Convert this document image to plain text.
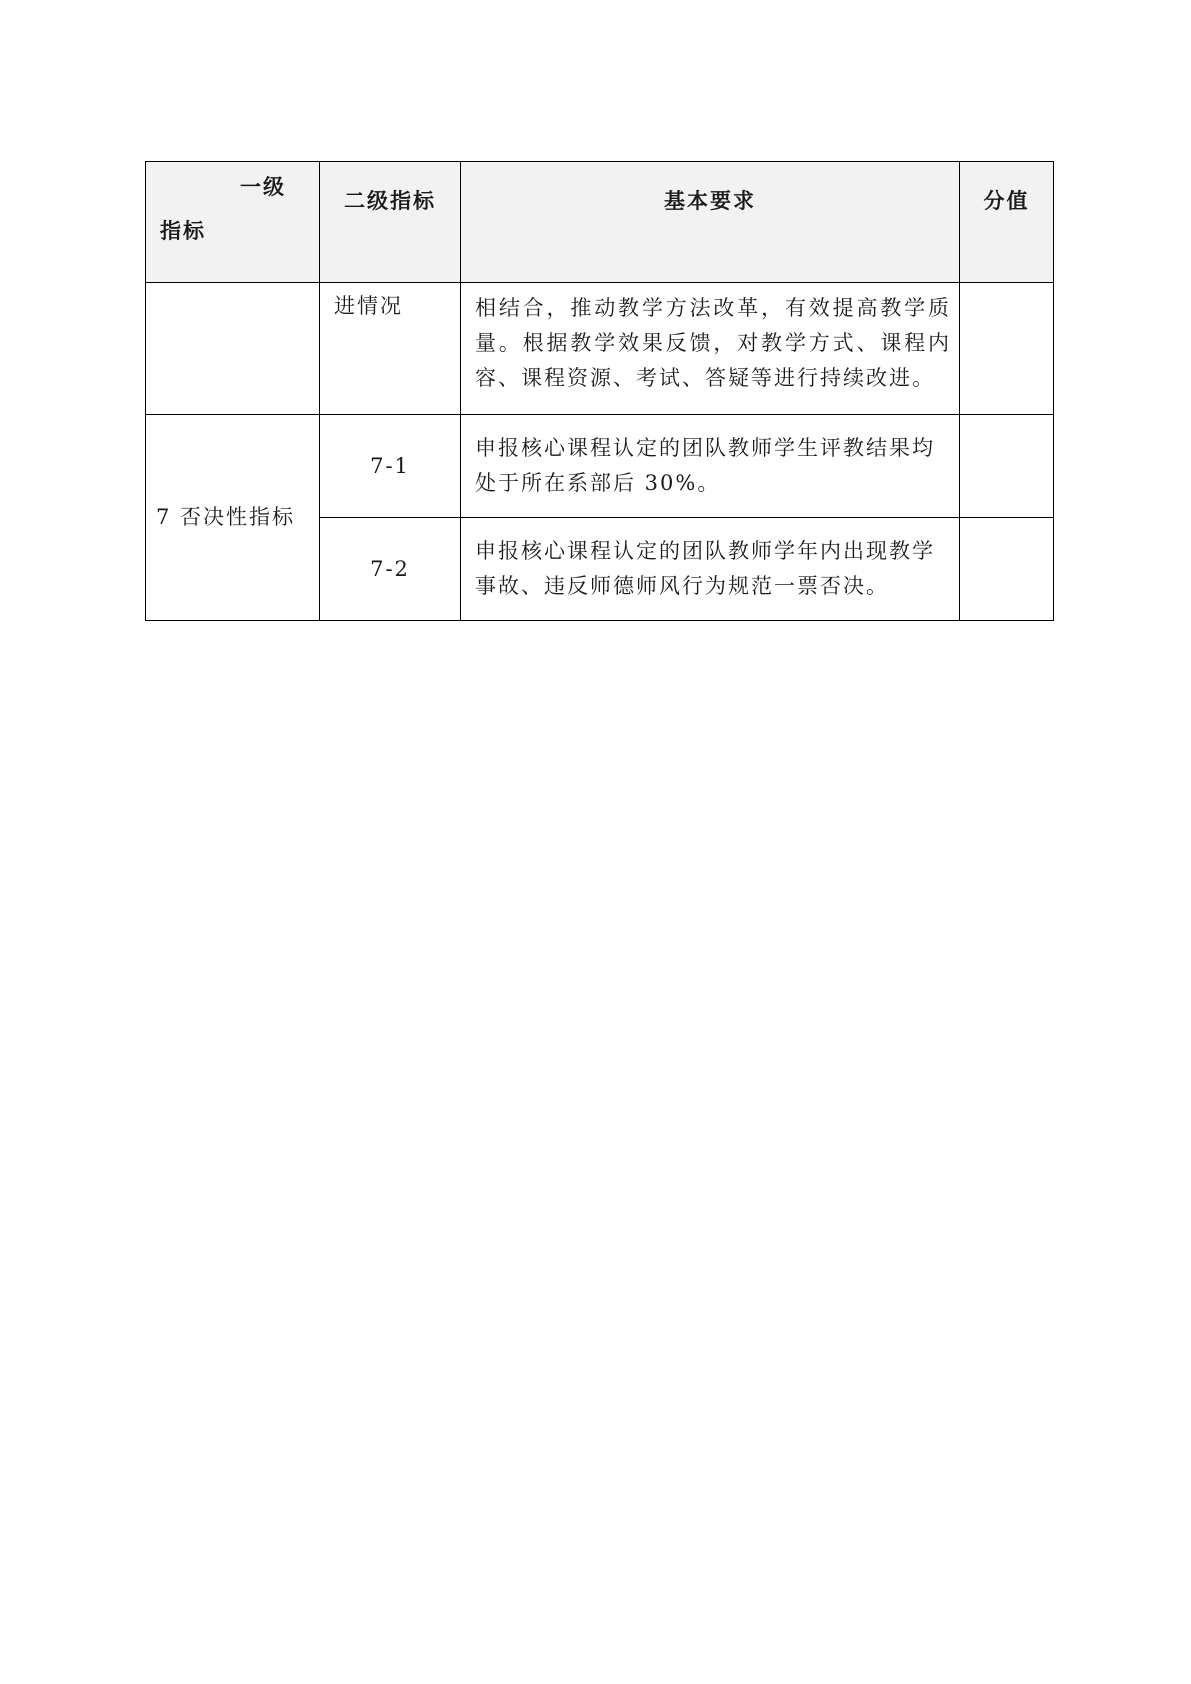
一级
指标	二级指标	基本要求	分值
	进情况	相结合，推动教学方法改革，有效提高教学质量。根据教学效果反馈，对教学方式、课程内容、课程资源、考试、答疑等进行持续改进。	
7 否决性指标	7-1	申报核心课程认定的团队教师学生评教结果均处于所在系部后 30%。	
	7-2	申报核心课程认定的团队教师学年内出现教学事故、违反师德师风行为规范一票否决。	
